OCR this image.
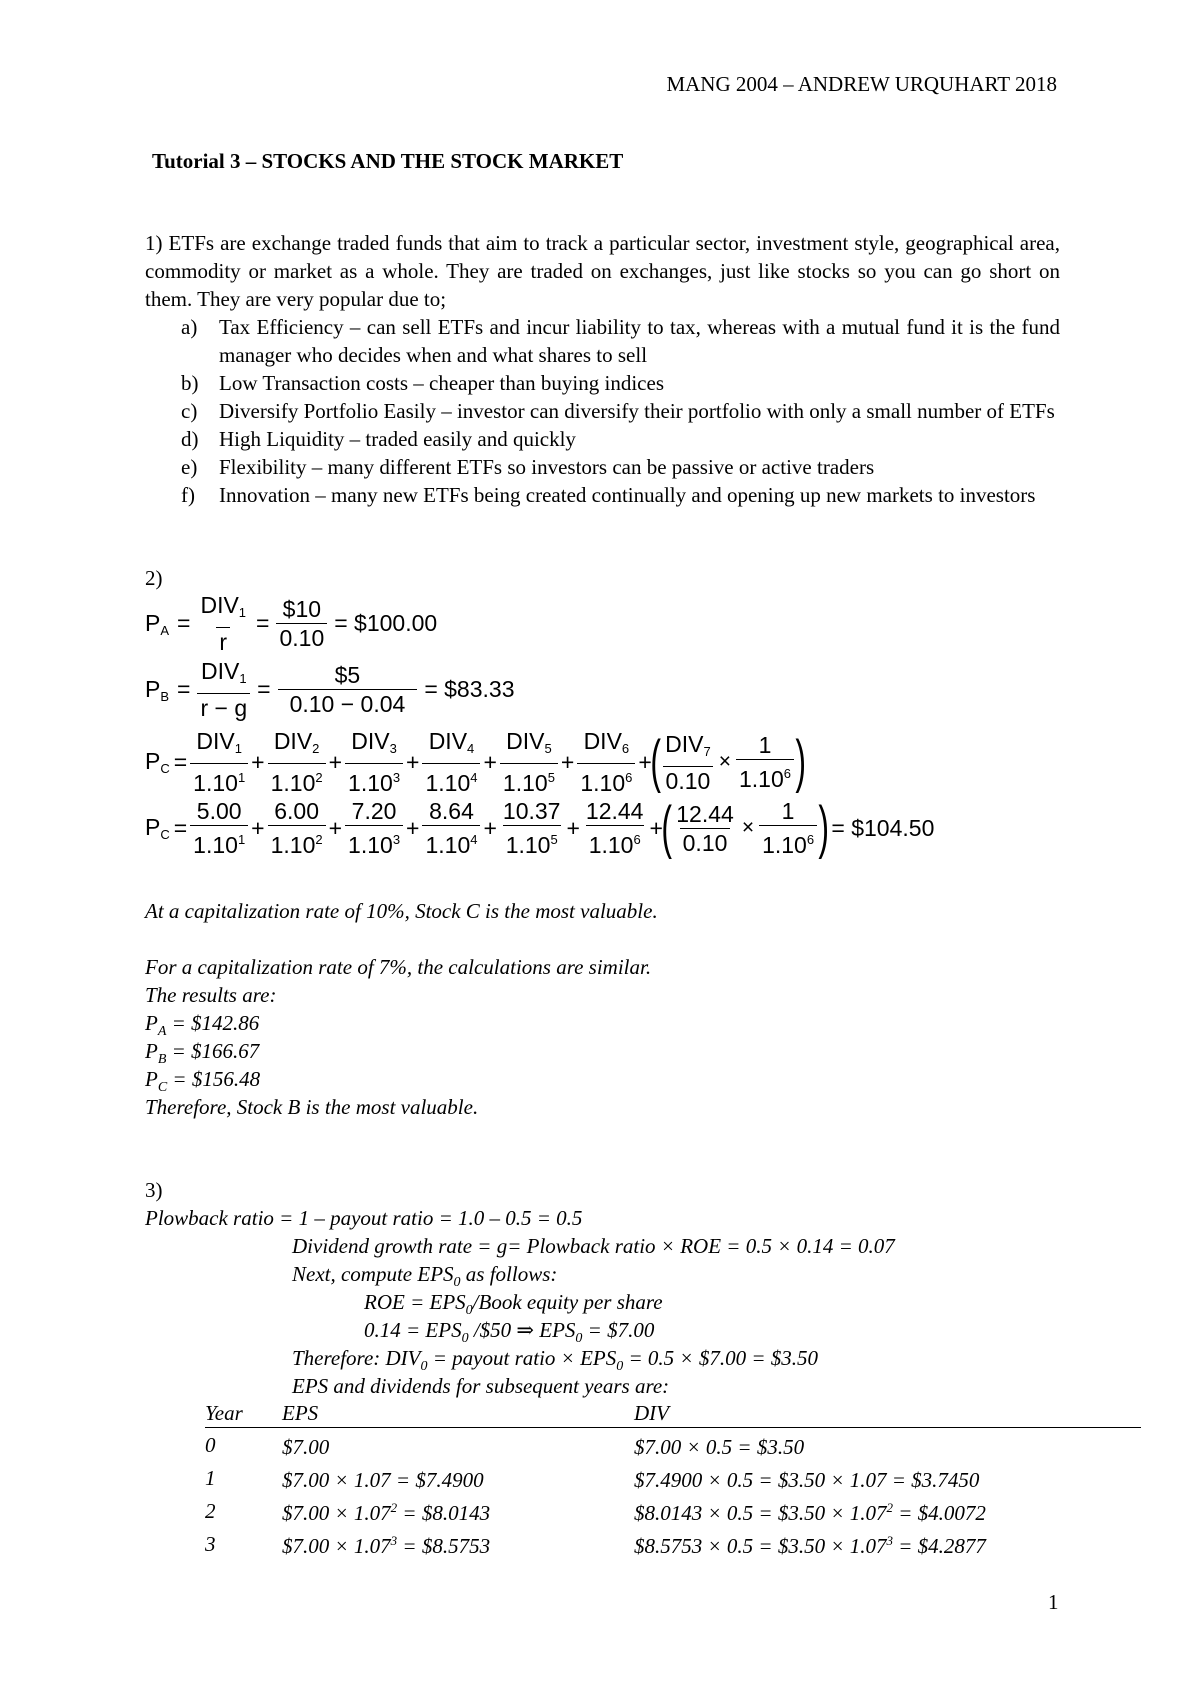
MANG 2004 – ANDREW URQUHART 2018
Tutorial 3 – STOCKS AND THE STOCK MARKET

1) ETFs are exchange traded funds that aim to track a particular sector, investment style, geographical area, commodity or market as a whole. They are traded on exchanges, just like stocks so you can go short on them. They are very popular due to;

a) Tax Efficiency – can sell ETFs and incur liability to tax, whereas with a mutual fund it is the fund manager who decides when and what shares to sell
b) Low Transaction costs – cheaper than buying indices
c) Diversify Portfolio Easily – investor can diversify their portfolio with only a small number of ETFs
d) High Liquidity – traded easily and quickly
e) Flexibility – many different ETFs so investors can be passive or active traders
f) Innovation – many new ETFs being created continually and opening up new markets to investors
2)
$P_A = \frac{DIV_1}{r} = \frac{\$10}{0.10}$ = $100.00
$P_B = \frac{DIV_1}{r - g} = \frac{\$5}{0.10 - 0.04}$ = $83.33
$P_C = \frac{DIV_1}{1.10^1} + \frac{DIV_2}{1.10^2} + \frac{DIV_3}{1.10^3} + \frac{DIV_4}{1.10^4} + \frac{DIV_5}{1.10^5} + \frac{DIV_6}{1.10^6}$ +
( $\frac{DIV_7}{0.10} \times \frac{1}{1.10^6}$ )
$P_C = \frac{5.00}{1.10^1} + \frac{6.00}{1.10^2} + \frac{7.20}{1.10^3} + \frac{8.64}{1.10^4} + \frac{10.37}{1.10^5} + \frac{12.44}{1.10^6}$ +
( $\frac{12.44}{0.10} \times \frac{1}{1.10^6}$ ) = $104.50
At a capitalization rate of 10%, Stock C is the most valuable.
For a capitalization rate of 7%, the calculations are similar.
The results are:
$P_A$ = $142.86
$P_B$ = $166.67
$P_C$ = $156.48
Therefore, Stock B is the most valuable.
3)
Plowback ratio = 1 – payout ratio = 1.0 – 0.5 = 0.5
Dividend growth rate = g= Plowback ratio × ROE = 0.5 × 0.14 = 0.07
Next, compute $EPS_0$ as follows:
ROE = $EPS_0$/Book equity per share
$0.14 = EPS_0$ /$50 ⇒ $EPS_0$ = $7.00
Therefore: $DIV_0$ = payout ratio × $EPS_0 = 0.5$ × $7.00 = $3.50
EPS and dividends for subsequent years are:
Year	EPS	DIV
0	$7.00	$7.00 × 0.5 = $3.50
1	$7.00 × 1.07 = $7.4900	$7.4900 × 0.5 = $3.50 × 1.07 = $3.7450
2	$7.00 × $1.07^2$ = $8.0143	$8.0143 × 0.5 = $3.50 × $1.07^2$ = $4.0072
3	$7.00 × $1.07^3$ = $8.5753	$8.5753 × 0.5 = $3.50 × $1.07^3$ = $4.2877
1
